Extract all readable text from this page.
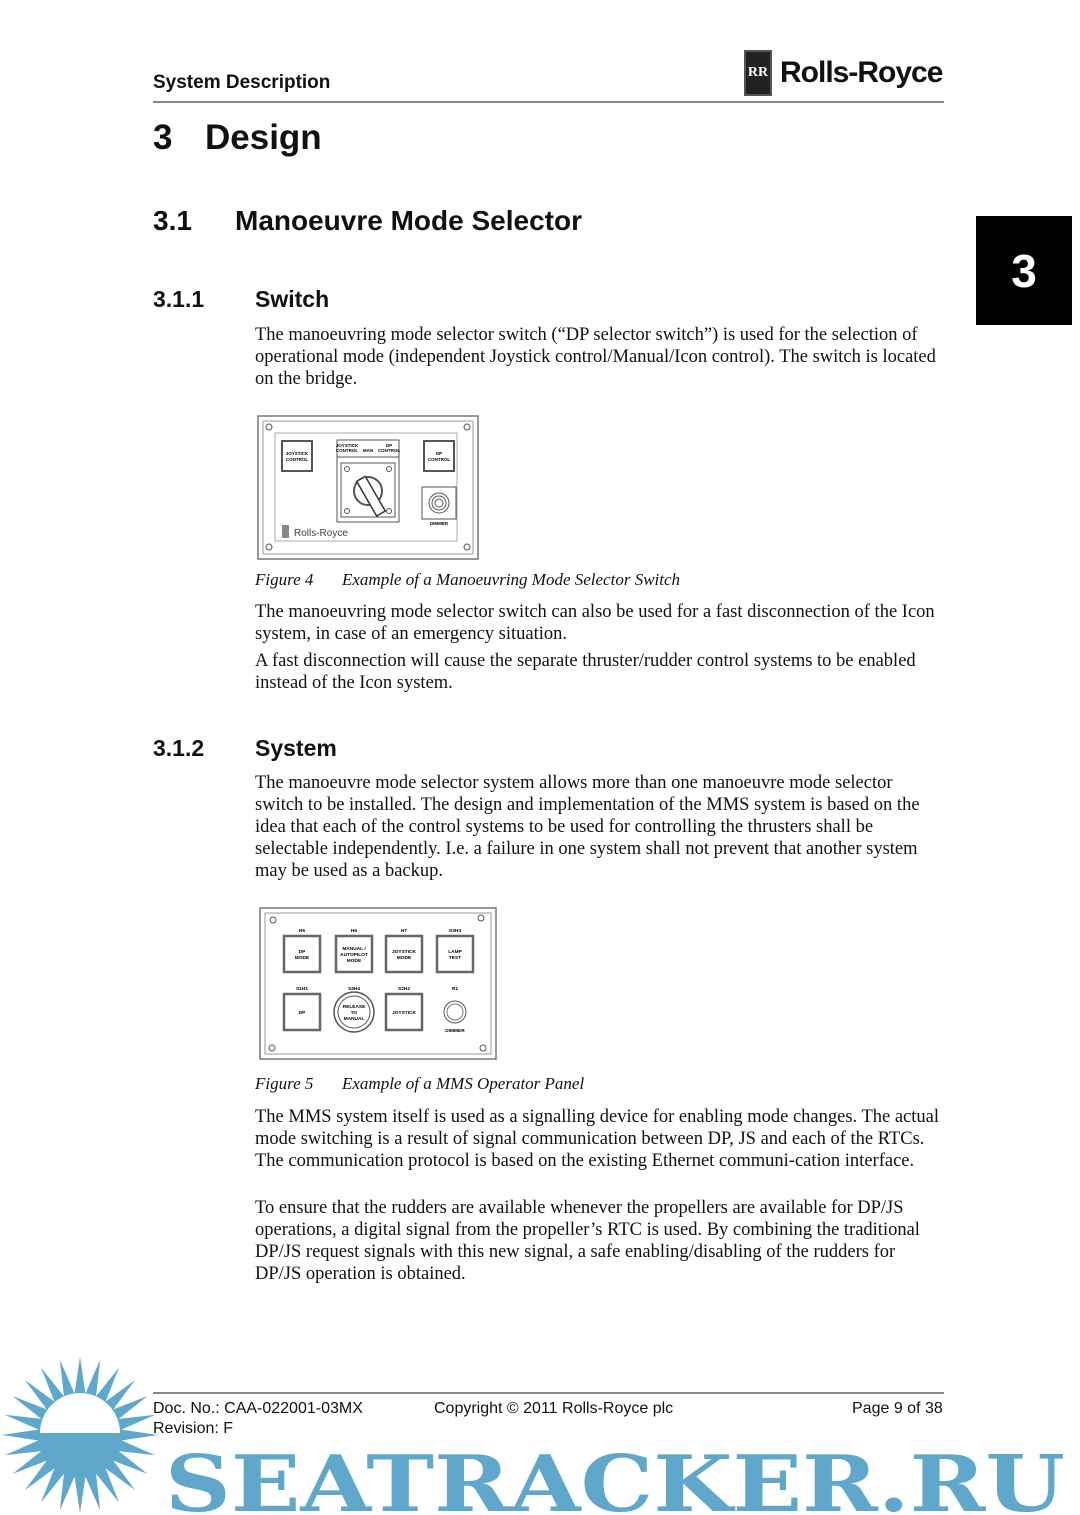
System Description	RR Rolls-Royce
3
3 Design
3.1 Manoeuvre Mode Selector
3.1.1 Switch
The manoeuvring mode selector switch (“DP selector switch”) is used for the selection of operational mode (independent Joystick control/Manual/Icon control). The switch is located on the bridge.
JOYSTICK
CONTROL
DP
CONTROL
JOYSTICK
CONTROL MAN
DP
CONTROL
DIMMER
Rolls-Royce
Figure 4 Example of a Manoeuvring Mode Selector Switch
The manoeuvring mode selector switch can also be used for a fast disconnection of the Icon system, in case of an emergency situation.
A fast disconnection will cause the separate thruster/rudder control systems to be enabled instead of the Icon system.
3.1.2 System
The manoeuvre mode selector system allows more than one manoeuvre mode selector switch to be installed. The design and implementation of the MMS system is based on the idea that each of the control systems to be used for controlling the thrusters shall be selectable independently. I.e. a failure in one system shall not prevent that another system may be used as a backup.
H5
DP
MODE
H6
MANUAL /
AUTOPILOT
MODE
H7
JOYSTICK
MODE
S3H3
LAMP
TEST
S1H1
DP
S4H4
RELEASE
TO
MANUAL
S2H2
JOYSTICK
R1
DIMMER
Figure 5 Example of a MMS Operator Panel
The MMS system itself is used as a signalling device for enabling mode changes. The actual mode switching is a result of signal communication between DP, JS and each of the RTCs. The communication protocol is based on the existing Ethernet communi-cation interface.
To ensure that the rudders are available whenever the propellers are available for DP/JS operations, a digital signal from the propeller’s RTC is used. By combining the traditional DP/JS request signals with this new signal, a safe enabling/disabling of the rudders for DP/JS operation is obtained.
SEATRACKER.RU
Doc. No.: CAA-022001-03MX
Revision: F
Copyright © 2011 Rolls-Royce plc	Page 9 of 38
